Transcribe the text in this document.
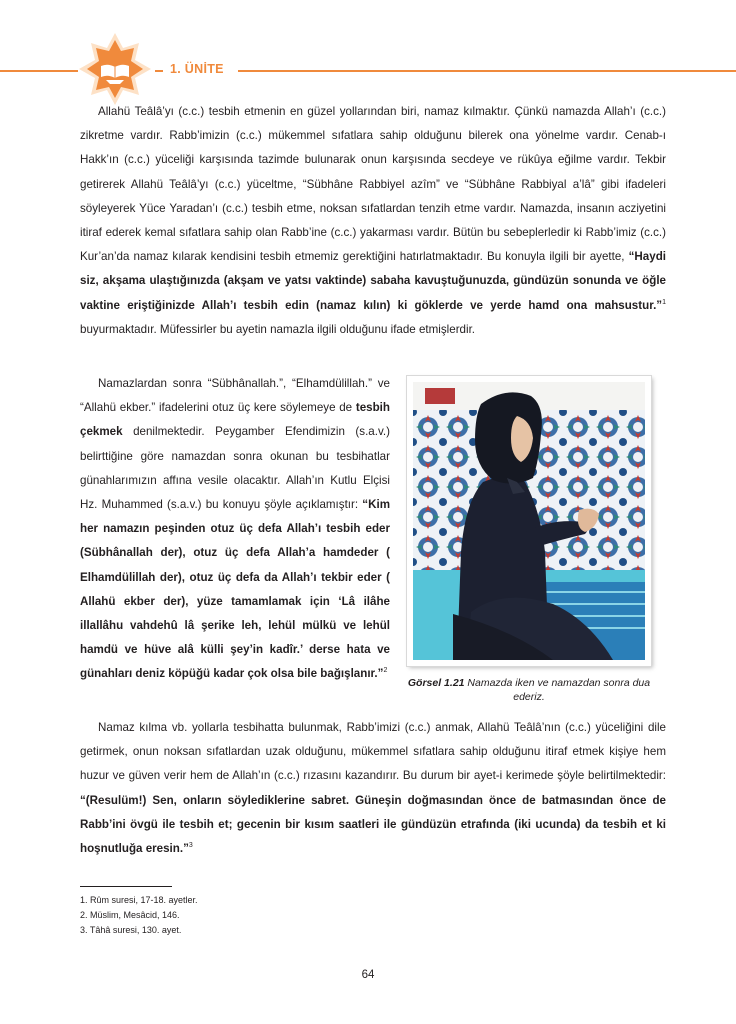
1. ÜNİTE

Allahü Teâlâ’yı (c.c.) tesbih etmenin en güzel yollarından biri, namaz kılmaktır. Çünkü namazda Allah’ı (c.c.) zikretme vardır. Rabb’imizin (c.c.) mükemmel sıfatlara sahip olduğunu bilerek ona yönelme vardır. Cenab-ı Hakk’ın (c.c.) yüceliği karşısında tazimde bulunarak onun karşısında secdeye ve rükûya eğilme vardır. Tekbir getirerek Allahü Teâlâ’yı (c.c.) yüceltme, “Sübhâne Rabbiyel azîm” ve “Sübhâne Rabbiyal a’lâ” gibi ifadeleri söyleyerek Yüce Yaradan’ı (c.c.) tesbih etme, noksan sıfatlardan tenzih etme vardır. Namazda, insanın acziyetini itiraf ederek kemal sıfatlara sahip olan Rabb’ine (c.c.) yakarması vardır. Bütün bu sebeplerledir ki Rabb’imiz (c.c.) Kur’an’da namaz kılarak kendisini tesbih etmemiz gerektiğini hatırlatmaktadır. Bu konuyla ilgili bir ayette, “Haydi siz, akşama ulaştığınızda (akşam ve yatsı vaktinde) sabaha kavuştuğunuzda, gündüzün sonunda ve öğle vaktine eriştiğinizde Allah’ı tesbih edin (namaz kılın) ki göklerde ve yerde hamd ona mahsustur.”$^1$ buyurmaktadır. Müfessirler bu ayetin namazla ilgili olduğunu ifade etmişlerdir.

Namazlardan sonra “Sübhânallah.”, “Elhamdülillah.” ve “Allahü ekber.” ifadelerini otuz üç kere söylemeye de tesbih çekmek denilmektedir. Peygamber Efendimizin (s.a.v.) belirttiğine göre namazdan sonra okunan bu tesbihatlar günahlarımızın affına vesile olacaktır. Allah’ın Kutlu Elçisi Hz. Muhammed (s.a.v.) bu konuyu şöyle açıklamıştır: “Kim her namazın peşinden otuz üç defa Allah’ı tesbih eder (Sübhânallah der), otuz üç defa Allah’a hamdeder ( Elhamdülillah der), otuz üç defa da Allah’ı tekbir eder ( Allahü ekber der), yüze tamamlamak için ‘Lâ ilâhe illallâhu vahdehû lâ şerike leh, lehül mülkü ve lehül hamdü ve hüve alâ külli şey’in kadîr.’ derse hata ve günahları deniz köpüğü kadar çok olsa bile bağışlanır.”$^2$

Görsel 1.21 Namazda iken ve namazdan sonra dua ederiz.

Namaz kılma vb. yollarla tesbihatta bulunmak, Rabb’imizi (c.c.) anmak, Allahü Teâlâ’nın (c.c.) yüceliğini dile getirmek, onun noksan sıfatlardan uzak olduğunu, mükemmel sıfatlara sahip olduğunu itiraf etmek kişiye hem huzur ve güven verir hem de Allah’ın (c.c.) rızasını kazandırır. Bu durum bir ayet-i kerimede şöyle belirtilmektedir: “(Resulüm!) Sen, onların söylediklerine sabret. Güneşin doğmasından önce de batmasından önce de Rabb’ini övgü ile tesbih et; gecenin bir kısım saatleri ile gündüzün etrafında (iki ucunda) da tesbih et ki hoşnutluğa eresin.”$^3$

1. Rûm suresi, 17-18. ayetler.
2. Müslim, Mesâcid, 146.
3. Tâhâ suresi, 130. ayet.
64
